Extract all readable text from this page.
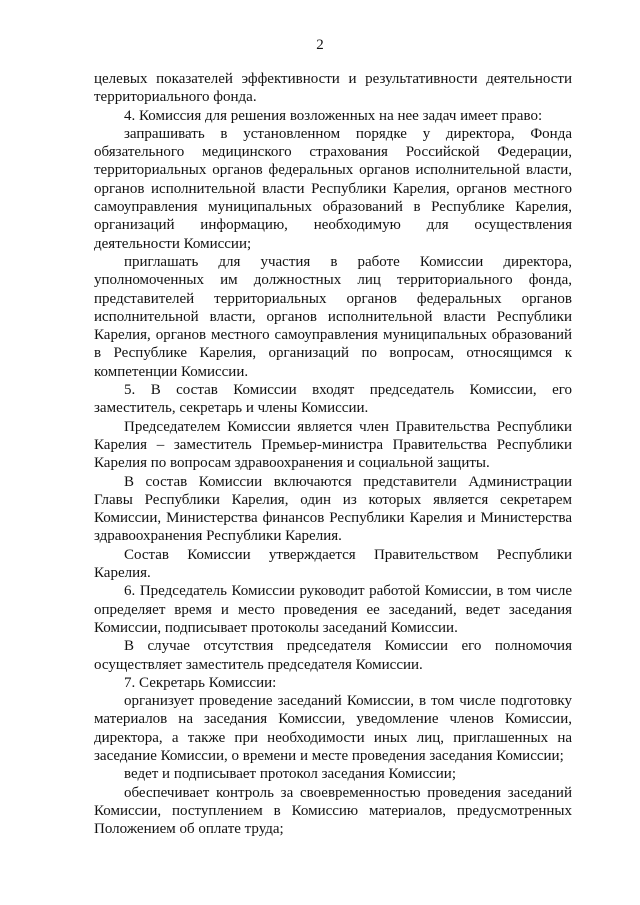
2

целевых показателей эффективности и результативности деятельности территориального фонда.

4. Комиссия для решения возложенных на нее задач имеет право:

запрашивать в установленном порядке у директора, Фонда обязательного медицинского страхования Российской Федерации, территориальных органов федеральных органов исполнительной власти, органов исполнительной власти Республики Карелия, органов местного самоуправления муниципальных образований в Республике Карелия, организаций информацию, необходимую для осуществления деятельности Комиссии;

приглашать для участия в работе Комиссии директора, уполномоченных им должностных лиц территориального фонда, представителей территориальных органов федеральных органов исполнительной власти, органов исполнительной власти Республики Карелия, органов местного самоуправления муниципальных образований в Республике Карелия, организаций по вопросам, относящимся к компетенции Комиссии.

5. В состав Комиссии входят председатель Комиссии, его заместитель, секретарь и члены Комиссии.

Председателем Комиссии является член Правительства Республики Карелия – заместитель Премьер-министра Правительства Республики Карелия по вопросам здравоохранения и социальной защиты.

В состав Комиссии включаются представители Администрации Главы Республики Карелия, один из которых является секретарем Комиссии, Министерства финансов Республики Карелия и Министерства здравоохранения Республики Карелия.

Состав Комиссии утверждается Правительством Республики Карелия.

6. Председатель Комиссии руководит работой Комиссии, в том числе определяет время и место проведения ее заседаний, ведет заседания Комиссии, подписывает протоколы заседаний Комиссии.

В случае отсутствия председателя Комиссии его полномочия осуществляет заместитель председателя Комиссии.

7. Секретарь Комиссии:

организует проведение заседаний Комиссии, в том числе подготовку материалов на заседания Комиссии, уведомление членов Комиссии, директора, а также при необходимости иных лиц, приглашенных на заседание Комиссии, о времени и месте проведения заседания Комиссии;

ведет и подписывает протокол заседания Комиссии;

обеспечивает контроль за своевременностью проведения заседаний Комиссии, поступлением в Комиссию материалов, предусмотренных Положением об оплате труда;
